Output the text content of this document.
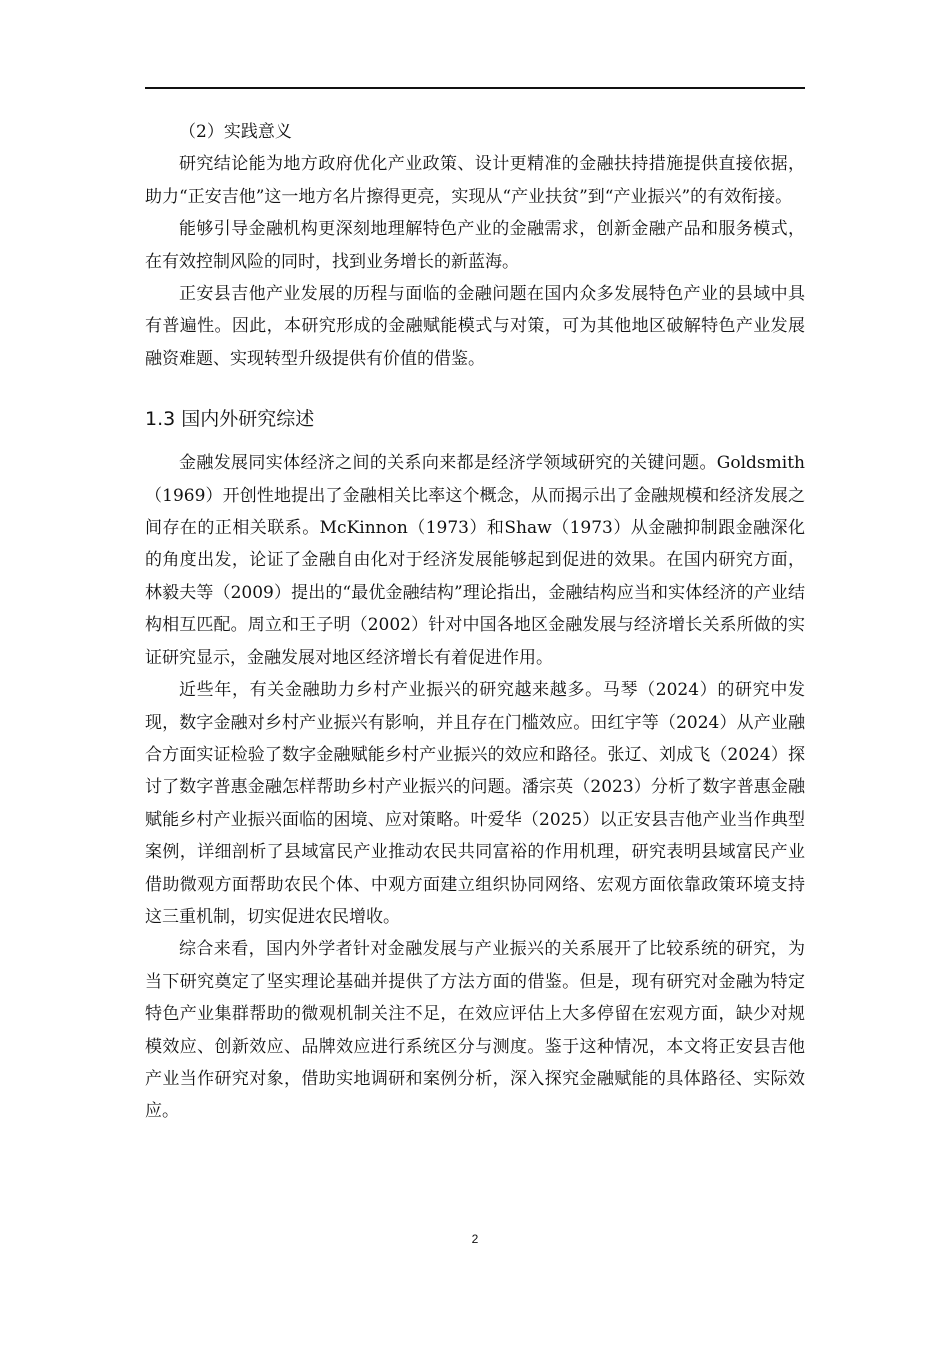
（2）实践意义

研究结论能为地方政府优化产业政策、设计更精准的金融扶持措施提供直接依据，助力“正安吉他”这一地方名片擦得更亮，实现从“产业扶贫”到“产业振兴”的有效衔接。

能够引导金融机构更深刻地理解特色产业的金融需求，创新金融产品和服务模式，在有效控制风险的同时，找到业务增长的新蓝海。

正安县吉他产业发展的历程与面临的金融问题在国内众多发展特色产业的县域中具有普遍性。因此，本研究形成的金融赋能模式与对策，可为其他地区破解特色产业发展融资难题、实现转型升级提供有价值的借鉴。

1.3 国内外研究综述

金融发展同实体经济之间的关系向来都是经济学领域研究的关键问题。Goldsmith（1969）开创性地提出了金融相关比率这个概念，从而揭示出了金融规模和经济发展之间存在的正相关联系。McKinnon（1973）和Shaw（1973）从金融抑制跟金融深化的角度出发，论证了金融自由化对于经济发展能够起到促进的效果。在国内研究方面，林毅夫等（2009）提出的“最优金融结构”理论指出，金融结构应当和实体经济的产业结构相互匹配。周立和王子明（2002）针对中国各地区金融发展与经济增长关系所做的实证研究显示，金融发展对地区经济增长有着促进作用。

近些年，有关金融助力乡村产业振兴的研究越来越多。马琴（2024）的研究中发现，数字金融对乡村产业振兴有影响，并且存在门槛效应。田红宇等（2024）从产业融合方面实证检验了数字金融赋能乡村产业振兴的效应和路径。张辽、刘成飞（2024）探讨了数字普惠金融怎样帮助乡村产业振兴的问题。潘宗英（2023）分析了数字普惠金融赋能乡村产业振兴面临的困境、应对策略。叶爱华（2025）以正安县吉他产业当作典型案例，详细剖析了县域富民产业推动农民共同富裕的作用机理，研究表明县域富民产业借助微观方面帮助农民个体、中观方面建立组织协同网络、宏观方面依靠政策环境支持这三重机制，切实促进农民增收。

综合来看，国内外学者针对金融发展与产业振兴的关系展开了比较系统的研究，为当下研究奠定了坚实理论基础并提供了方法方面的借鉴。但是，现有研究对金融为特定特色产业集群帮助的微观机制关注不足，在效应评估上大多停留在宏观方面，缺少对规模效应、创新效应、品牌效应进行系统区分与测度。鉴于这种情况，本文将正安县吉他产业当作研究对象，借助实地调研和案例分析，深入探究金融赋能的具体路径、实际效应。

2
